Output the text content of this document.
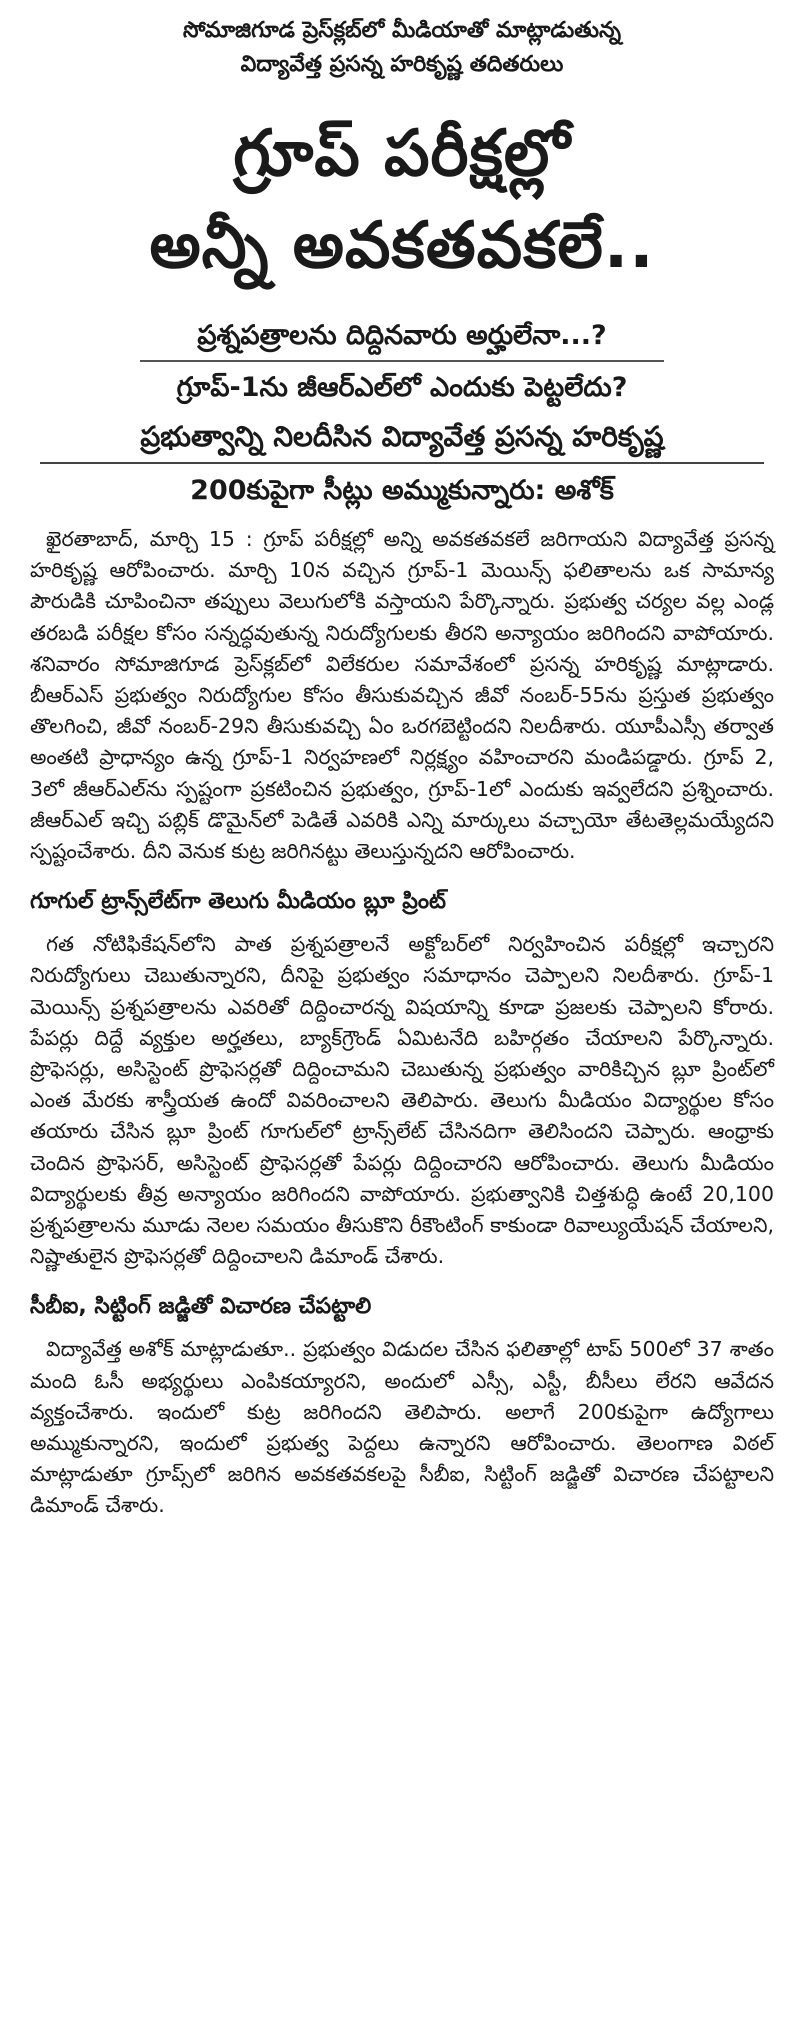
సోమాజిగూడ ప్రెస్‌క్లబ్‌లో మీడియాతో మాట్లాడుతున్న
విద్యావేత్త ప్రసన్న హరికృష్ణ తదితరులు
గ్రూప్ పరీక్షల్లో
అన్నీ అవకతవకలే..
ప్రశ్నపత్రాలను దిద్దినవారు అర్హులేనా...?
గ్రూప్-1ను జీఆర్ఎల్‌లో ఎందుకు పెట్టలేదు?
ప్రభుత్వాన్ని నిలదీసిన విద్యావేత్త ప్రసన్న హరికృష్ణ
200కుపైగా సీట్లు అమ్ముకున్నారు: అశోక్

ఖైరతాబాద్, మార్చి 15 : గ్రూప్ పరీక్షల్లో అన్ని అవకతవకలే జరిగాయని విద్యావేత్త ప్రసన్న హరికృష్ణ ఆరోపించారు. మార్చి 10న వచ్చిన గ్రూప్-1 మెయిన్స్ ఫలితాలను ఒక సామాన్య పౌరుడికి చూపించినా తప్పులు వెలుగులోకి వస్తాయని పేర్కొన్నారు. ప్రభుత్వ చర్యల వల్ల ఎండ్ల తరబడి పరీక్షల కోసం సన్నద్ధవుతున్న నిరుద్యోగులకు తీరని అన్యాయం జరిగిందని వాపోయారు. శనివారం సోమాజిగూడ ప్రెస్‌క్లబ్‌లో విలేకరుల సమావేశంలో ప్రసన్న హరికృష్ణ మాట్లాడారు. బీఆర్ఎస్ ప్రభుత్వం నిరుద్యోగుల కోసం తీసుకువచ్చిన జీవో నంబర్-55ను ప్రస్తుత ప్రభుత్వం తొలగించి, జీవో నంబర్-29ని తీసుకువచ్చి ఏం ఒరగబెట్టిందని నిలదీశారు. యూపీఎస్సీ తర్వాత అంతటి ప్రాధాన్యం ఉన్న గ్రూప్-1 నిర్వహణలో నిర్లక్ష్యం వహించారని మండిపడ్డారు. గ్రూప్ 2, 3లో జీఆర్ఎల్‌ను స్పష్టంగా ప్రకటించిన ప్రభుత్వం, గ్రూప్-1లో ఎందుకు ఇవ్వలేదని ప్రశ్నించారు. జీఆర్ఎల్ ఇచ్చి పబ్లిక్ డొమైన్‌లో పెడితే ఎవరికి ఎన్ని మార్కులు వచ్చాయో తేటతెల్లమయ్యేదని స్పష్టంచేశారు. దీని వెనుక కుట్ర జరిగినట్టు తెలుస్తున్నదని ఆరోపించారు.

గూగుల్ ట్రాన్స్‌లేట్‌గా తెలుగు మీడియం బ్లూ ప్రింట్

గత నోటిఫికేషన్‌లోని పాత ప్రశ్నపత్రాలనే అక్టోబర్‌లో నిర్వహించిన పరీక్షల్లో ఇచ్చారని నిరుద్యోగులు చెబుతున్నారని, దీనిపై ప్రభుత్వం సమాధానం చెప్పాలని నిలదీశారు. గ్రూప్-1 మెయిన్స్ ప్రశ్నపత్రాలను ఎవరితో దిద్దించారన్న విషయాన్ని కూడా ప్రజలకు చెప్పాలని కోరారు. పేపర్లు దిద్దే వ్యక్తుల అర్హతలు, బ్యాక్‌గ్రౌండ్ ఏమిటనేది బహిర్గతం చేయాలని పేర్కొన్నారు. ప్రొఫెసర్లు, అసిస్టెంట్ ప్రొఫెసర్లతో దిద్దించామని చెబుతున్న ప్రభుత్వం వారికిచ్చిన బ్లూ ప్రింట్‌లో ఎంత మేరకు శాస్త్రీయత ఉందో వివరించాలని తెలిపారు. తెలుగు మీడియం విద్యార్థుల కోసం తయారు చేసిన బ్లూ ప్రింట్ గూగుల్‌లో ట్రాన్స్‌లేట్ చేసినదిగా తెలిసిందని చెప్పారు. ఆంధ్రాకు చెందిన ప్రొఫెసర్, అసిస్టెంట్ ప్రొఫెసర్లతో పేపర్లు దిద్దించారని ఆరోపించారు. తెలుగు మీడియం విద్యార్థులకు తీవ్ర అన్యాయం జరిగిందని వాపోయారు. ప్రభుత్వానికి చిత్తశుద్ధి ఉంటే 20,100 ప్రశ్నపత్రాలను మూడు నెలల సమయం తీసుకొని రీకౌంటింగ్ కాకుండా రివాల్యుయేషన్ చేయాలని, నిష్ణాతులైన ప్రొఫెసర్లతో దిద్దించాలని డిమాండ్ చేశారు.

సీబీఐ, సిట్టింగ్ జడ్జితో విచారణ చేపట్టాలి

విద్యావేత్త అశోక్ మాట్లాడుతూ.. ప్రభుత్వం విడుదల చేసిన ఫలితాల్లో టాప్ 500లో 37 శాతం మంది ఓసీ అభ్యర్థులు ఎంపికయ్యారని, అందులో ఎస్సీ, ఎస్టీ, బీసీలు లేరని ఆవేదన వ్యక్తంచేశారు. ఇందులో కుట్ర జరిగిందని తెలిపారు. అలాగే 200కుపైగా ఉద్యోగాలు అమ్ముకున్నారని, ఇందులో ప్రభుత్వ పెద్దలు ఉన్నారని ఆరోపించారు. తెలంగాణ విఠల్ మాట్లాడుతూ గ్రూప్స్‌లో జరిగిన అవకతవకలపై సీబీఐ, సిట్టింగ్ జడ్జితో విచారణ చేపట్టాలని డిమాండ్ చేశారు.
